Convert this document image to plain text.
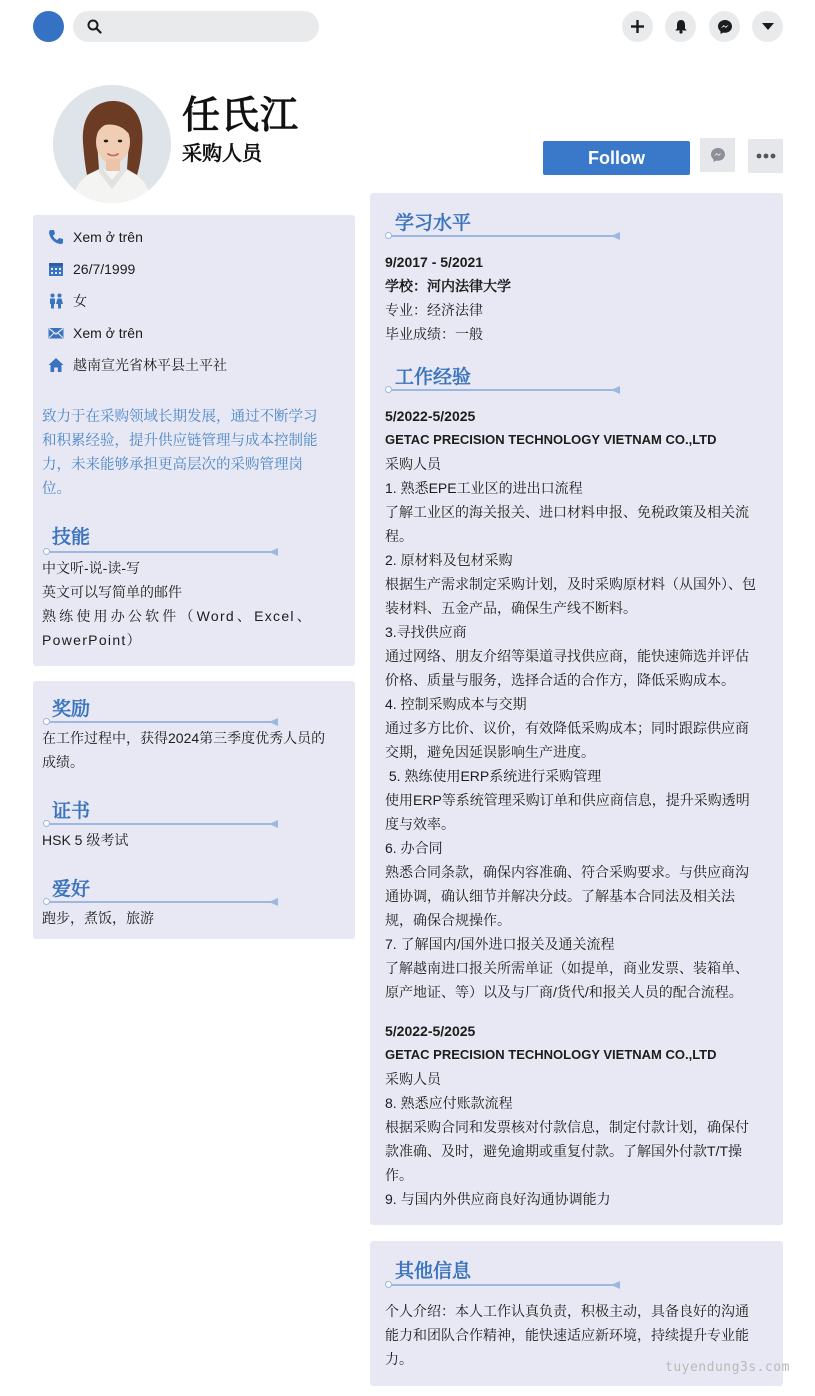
任氏江
采购人员	Follow
Xem ở trên
26/7/1999
女
Xem ở trên
越南宣光省林平县土平社
致力于在采购领域长期发展，通过不断学习和积累经验，提升供应链管理与成本控制能力，未来能够承担更高层次的采购管理岗位。
技能
中文听-说-读-写
英文可以写简单的邮件
熟练使用办公软件（Word、Excel、PowerPoint）
奖励
在工作过程中，获得2024第三季度优秀人员的成绩。
证书
HSK 5 级考试
爱好
跑步，煮饭，旅游
学习水平
9/2017 - 5/2021
学校：河内法律大学
专业：经济法律
毕业成绩：一般
工作经验
5/2022-5/2025
GETAC PRECISION TECHNOLOGY VIETNAM CO.,LTD
采购人员
1. 熟悉EPE工业区的进出口流程
了解工业区的海关报关、进口材料申报、免税政策及相关流程。
2. 原材料及包材采购
根据生产需求制定采购计划，及时采购原材料（从国外）、包装材料、五金产品，确保生产线不断料。
3.寻找供应商
通过网络、朋友介绍等渠道寻找供应商，能快速筛选并评估价格、质量与服务，选择合适的合作方，降低采购成本。
4. 控制采购成本与交期
通过多方比价、议价，有效降低采购成本；同时跟踪供应商交期，避免因延误影响生产进度。
5. 熟练使用ERP系统进行采购管理
使用ERP等系统管理采购订单和供应商信息，提升采购透明度与效率。
6. 办合同
熟悉合同条款，确保内容准确、符合采购要求。与供应商沟通协调，确认细节并解决分歧。了解基本合同法及相关法规，确保合规操作。
7. 了解国内/国外进口报关及通关流程
了解越南进口报关所需单证（如提单，商业发票、装箱单、原产地证、等）以及与厂商/货代/和报关人员的配合流程。
5/2022-5/2025
GETAC PRECISION TECHNOLOGY VIETNAM CO.,LTD
采购人员
8. 熟悉应付账款流程
根据采购合同和发票核对付款信息，制定付款计划，确保付款准确、及时，避免逾期或重复付款。了解国外付款T/T操作。
9. 与国内外供应商良好沟通协调能力
其他信息
个人介绍：本人工作认真负责，积极主动，具备良好的沟通能力和团队合作精神，能快速适应新环境，持续提升专业能力。
tuyendung3s.com
